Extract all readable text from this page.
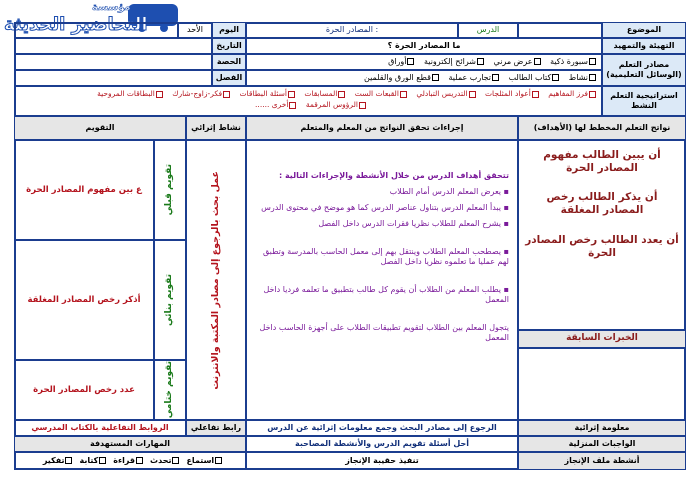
مؤسسة
التحاضير الحديثة	الموضوع
الدرس
: المصادر الحرة
اليوم
الأحد
التهيئة والتمهيد
ما المصادر الحرة ؟
التاريخ
مصادر التعلم (الوسائل التعليمية)
سبورة ذكية عرض مرني شرائح إلكترونية أوراق
الحصة
نشاط كتاب الطالب تجارب عملية قطع الورق والقلمين
الفصل
استراتيجية التعلم النشط
فرز المفاهيم أعواد المثلجات التدريس التبادلي القبعات الست المسابقات أسئلة البطاقات فكر-زاوج-شارك البطاقات المروحية
الرؤوس المرقمة أخرى ......
نواتج التعلم المخطط لها (الأهداف)
إجراءات تحقق النواتج من المعلم والمتعلم
نشاط إثرائي
التقويم
أن يبين الطالب مفهوم المصادر الحرة
أن يذكر الطالب رخص المصادر المغلقة
أن يعدد الطالب رخص المصادر الحرة
الخبرات السابقة
تتحقق أهداف الدرس من خلال الأنشطة والإجراءات التالية :
▪ يعرض المعلم الدرس أمام الطلاب
▪ يبدأ المعلم الدرس بتناول عناصر الدرس كما هو موضح في محتوى الدرس
▪ يشرح المعلم للطلاب نظريا فقرات الدرس داخل الفصل
▪ يصطحب المعلم الطلاب وينتقل بهم إلى معمل الحاسب بالمدرسة وتطبق لهم عمليا ما تعلموه نظريا داخل الفصل
▪ يطلب المعلم من الطلاب أن يقوم كل طالب بتطبيق ما تعلمه فرديا داخل المعمل
يتجول المعلم بين الطلاب لتقويم تطبيقات الطلاب على أجهزة الحاسب داخل المعمل
عمل بحث بالرجوع إلى مصادر المكتبة والانترنت
تقويم قبلي
ع بين مفهوم المصادر الحرة
تقويم بنائي
أذكر رخص المصادر المغلقة
تقويم ختامي
عدد رخص المصادر الحرة
معلومة إثرائية
الرجوع إلى مصادر البحث وجمع معلومات إثرائية عن الدرس
رابط تفاعلي
الروابط التفاعلية بالكتاب المدرسي
الواجبات المنزلية
أحل أسئلة تقويم الدرس والأنشطة المصاحبة
المهارات المستهدفة
أنشطة ملف الإنجاز
تنفيذ حقيبة الإنجاز
استماع
تحدث
قراءة
كتابة
تفكير
